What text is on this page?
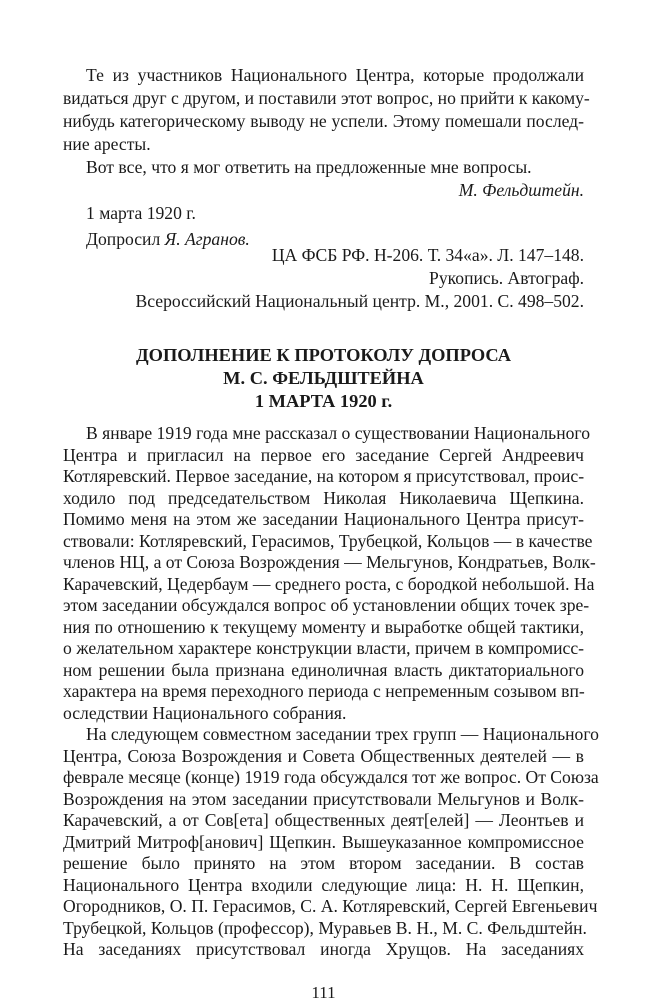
Те из участников Национального Центра, которые продолжали
видаться друг с другом, и поставили этот вопрос, но прийти к какому-
нибудь категорическому выводу не успели. Этому помешали послед-
ние аресты.
Вот все, что я мог ответить на предложенные мне вопросы.
М. Фельдштейн.
1 марта 1920 г.
Допросил Я. Агранов.
ЦА ФСБ РФ. Н-206. Т. 34«а». Л. 147–148.
Рукопись. Автограф.
Всероссийский Национальный центр. М., 2001. С. 498–502.
ДОПОЛНЕНИЕ К ПРОТОКОЛУ ДОПРОСА
М. С. ФЕЛЬДШТЕЙНА
1 МАРТА 1920 г.
В январе 1919 года мне рассказал о существовании Национального
Центра и пригласил на первое его заседание Сергей Андреевич
Котляревский. Первое заседание, на котором я присутствовал, проис-
ходило под председательством Николая Николаевича Щепкина.
Помимо меня на этом же заседании Национального Центра присут-
ствовали: Котляревский, Герасимов, Трубецкой, Кольцов — в качестве
членов НЦ, а от Союза Возрождения — Мельгунов, Кондратьев, Волк-
Карачевский, Цедербаум — среднего роста, с бородкой небольшой. На
этом заседании обсуждался вопрос об установлении общих точек зре-
ния по отношению к текущему моменту и выработке общей тактики,
о желательном характере конструкции власти, причем в компромисс-
ном решении была признана единоличная власть диктаториального
характера на время переходного периода с непременным созывом вп-
оследствии Национального собрания.
На следующем совместном заседании трех групп — Национального
Центра, Союза Возрождения и Совета Общественных деятелей — в
феврале месяце (конце) 1919 года обсуждался тот же вопрос. От Союза
Возрождения на этом заседании присутствовали Мельгунов и Волк-
Карачевский, а от Сов[ета] общественных деят[елей] — Леонтьев и
Дмитрий Митроф[анович] Щепкин. Вышеуказанное компромиссное
решение было принято на этом втором заседании. В состав
Национального Центра входили следующие лица: Н. Н. Щепкин,
Огородников, О. П. Герасимов, С. А. Котляревский, Сергей Евгеньевич
Трубецкой, Кольцов (профессор), Муравьев В. Н., М. С. Фельдштейн.
На заседаниях присутствовал иногда Хрущов. На заседаниях
111
